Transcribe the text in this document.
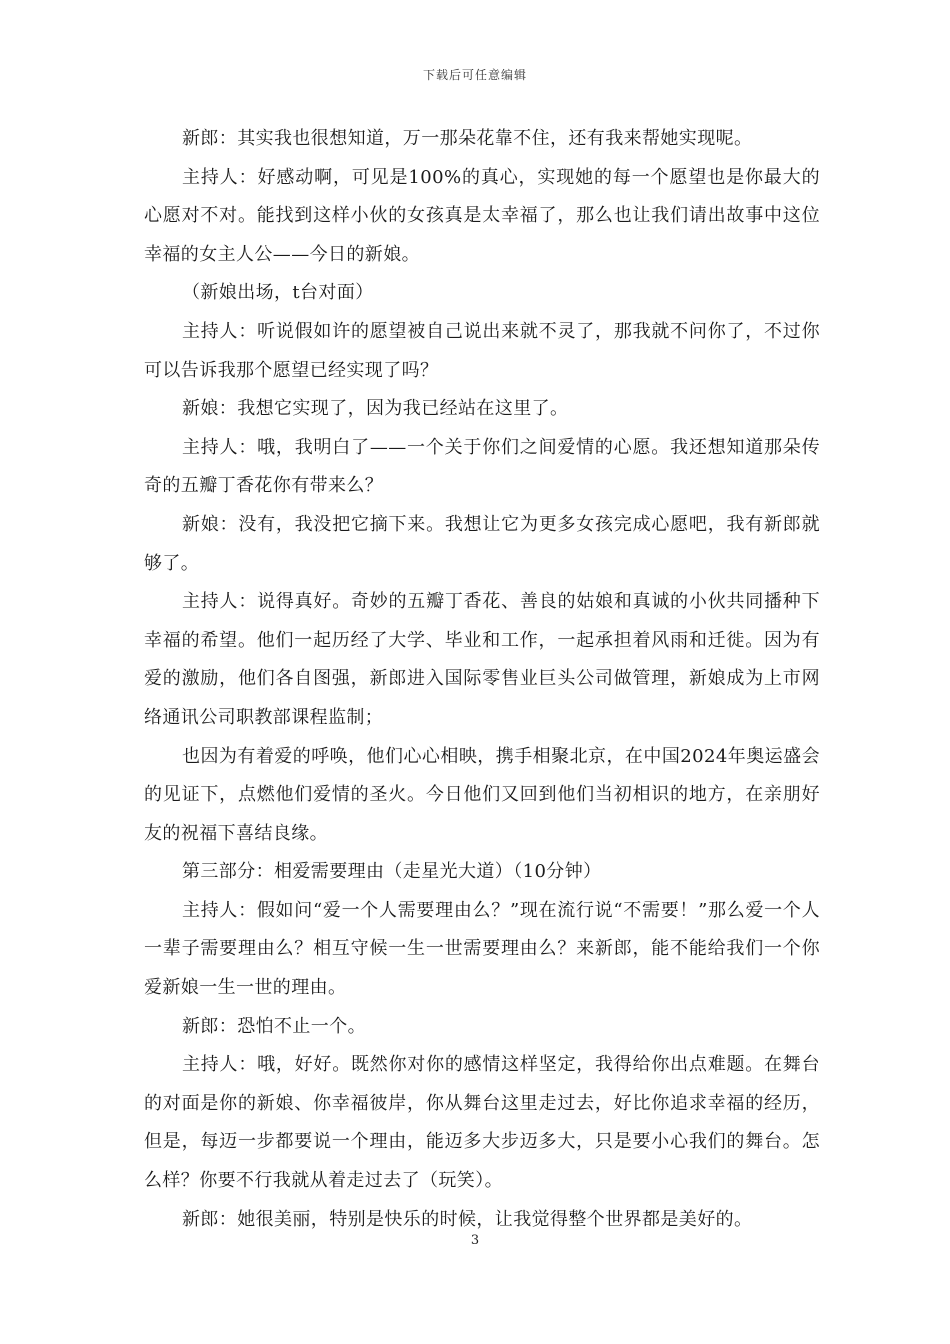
下载后可任意编辑

新郎：其实我也很想知道，万一那朵花靠不住，还有我来帮她实现呢。

主持人：好感动啊，可见是100%的真心，实现她的每一个愿望也是你最大的心愿对不对。能找到这样小伙的女孩真是太幸福了，那么也让我们请出故事中这位幸福的女主人公——今日的新娘。

（新娘出场，t台对面）

主持人：听说假如许的愿望被自己说出来就不灵了，那我就不问你了，不过你可以告诉我那个愿望已经实现了吗？

新娘：我想它实现了，因为我已经站在这里了。

主持人：哦，我明白了——一个关于你们之间爱情的心愿。我还想知道那朵传奇的五瓣丁香花你有带来么？

新娘：没有，我没把它摘下来。我想让它为更多女孩完成心愿吧，我有新郎就够了。

主持人：说得真好。奇妙的五瓣丁香花、善良的姑娘和真诚的小伙共同播种下幸福的希望。他们一起历经了大学、毕业和工作，一起承担着风雨和迁徙。因为有爱的激励，他们各自图强，新郎进入国际零售业巨头公司做管理，新娘成为上市网络通讯公司职教部课程监制；

也因为有着爱的呼唤，他们心心相映，携手相聚北京，在中国2024年奥运盛会的见证下，点燃他们爱情的圣火。今日他们又回到他们当初相识的地方，在亲朋好友的祝福下喜结良缘。

第三部分：相爱需要理由（走星光大道）（10分钟）

主持人：假如问“爱一个人需要理由么？”现在流行说“不需要！”那么爱一个人一辈子需要理由么？相互守候一生一世需要理由么？来新郎，能不能给我们一个你爱新娘一生一世的理由。

新郎：恐怕不止一个。

主持人：哦，好好。既然你对你的感情这样坚定，我得给你出点难题。在舞台的对面是你的新娘、你幸福彼岸，你从舞台这里走过去，好比你追求幸福的经历，但是，每迈一步都要说一个理由，能迈多大步迈多大，只是要小心我们的舞台。怎么样？你要不行我就从着走过去了（玩笑）。

新郎：她很美丽，特别是快乐的时候，让我觉得整个世界都是美好的。

3
